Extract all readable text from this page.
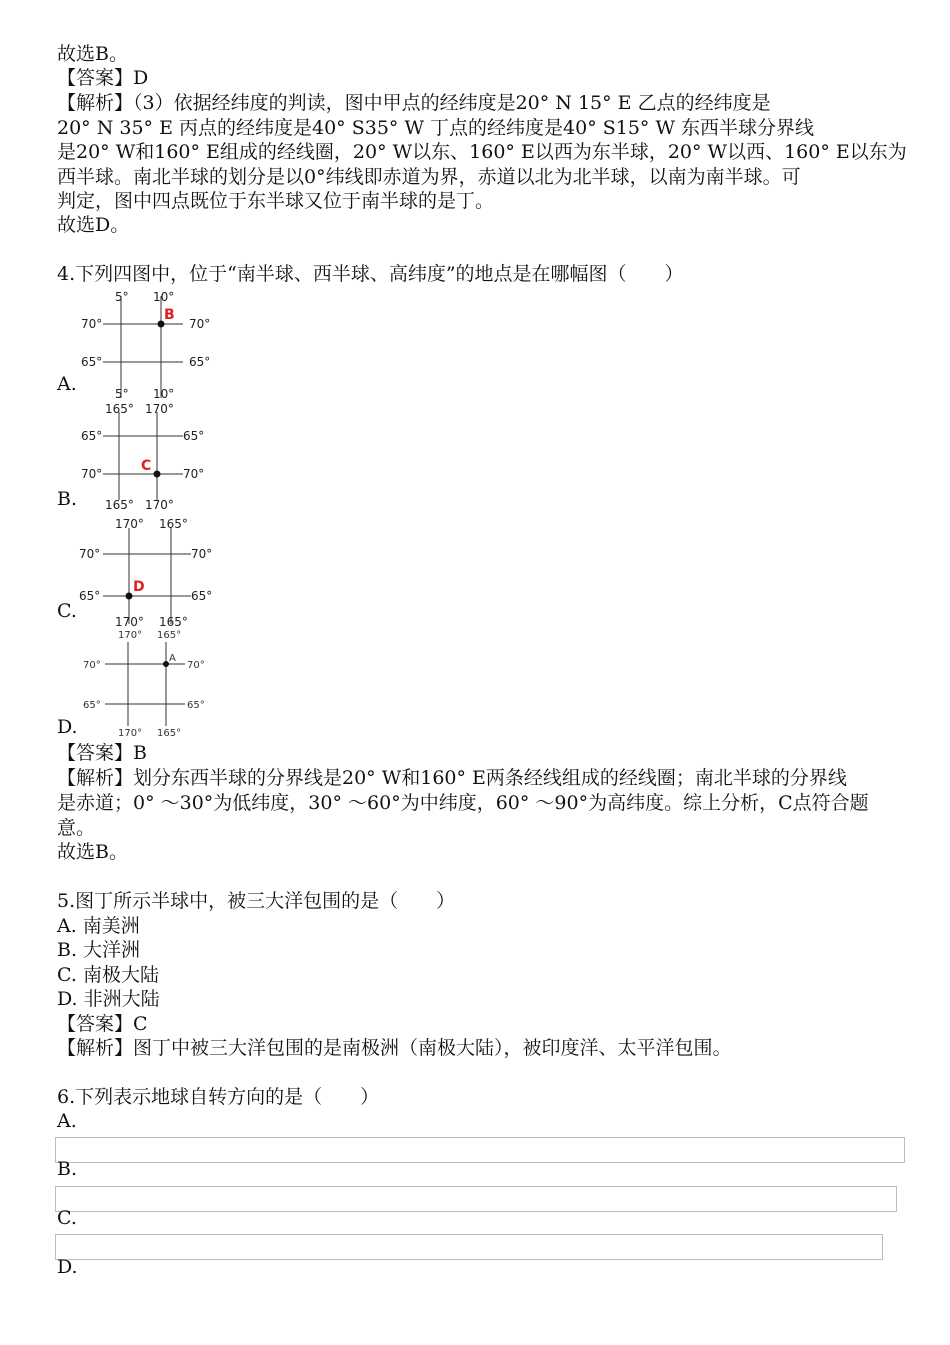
故选B。
【答案】D
【解析】（3）依据经纬度的判读，图中甲点的经纬度是20° N 15° E 乙点的经纬度是
20° N 35° E 丙点的经纬度是40° S35° W 丁点的经纬度是40° S15° W 东西半球分界线
是20° W和160° E组成的经线圈，20° W以东、160° E以西为东半球，20° W以西、160° E以东为
西半球。南北半球的划分是以0°纬线即赤道为界，赤道以北为北半球，以南为南半球。可
判定，图中四点既位于东半球又位于南半球的是丁。
故选D。
4.下列四图中，位于“南半球、西半球、高纬度”的地点是在哪幅图（　　）
5° 10°
70°	70°
65°	65°
5° 10°
B
A.
165° 170°
65°	65°
70°	70°
165° 170°
C
B.
170° 165°
70°	70°
65°	65°
170° 165°
D
C.
170° 165°
70°	70°
65°	65°
170° 165°
A
D.
【答案】B
【解析】划分东西半球的分界线是20° W和160° E两条经线组成的经线圈；南北半球的分界线
是赤道；0° ～30°为低纬度，30° ～60°为中纬度，60° ～90°为高纬度。综上分析，C点符合题
意。
故选B。
5.图丁所示半球中，被三大洋包围的是（　　）
A. 南美洲
B. 大洋洲
C. 南极大陆
D. 非洲大陆
【答案】C
【解析】图丁中被三大洋包围的是南极洲（南极大陆），被印度洋、太平洋包围。
6.下列表示地球自转方向的是（　　）
A.
B.
C.
D.
